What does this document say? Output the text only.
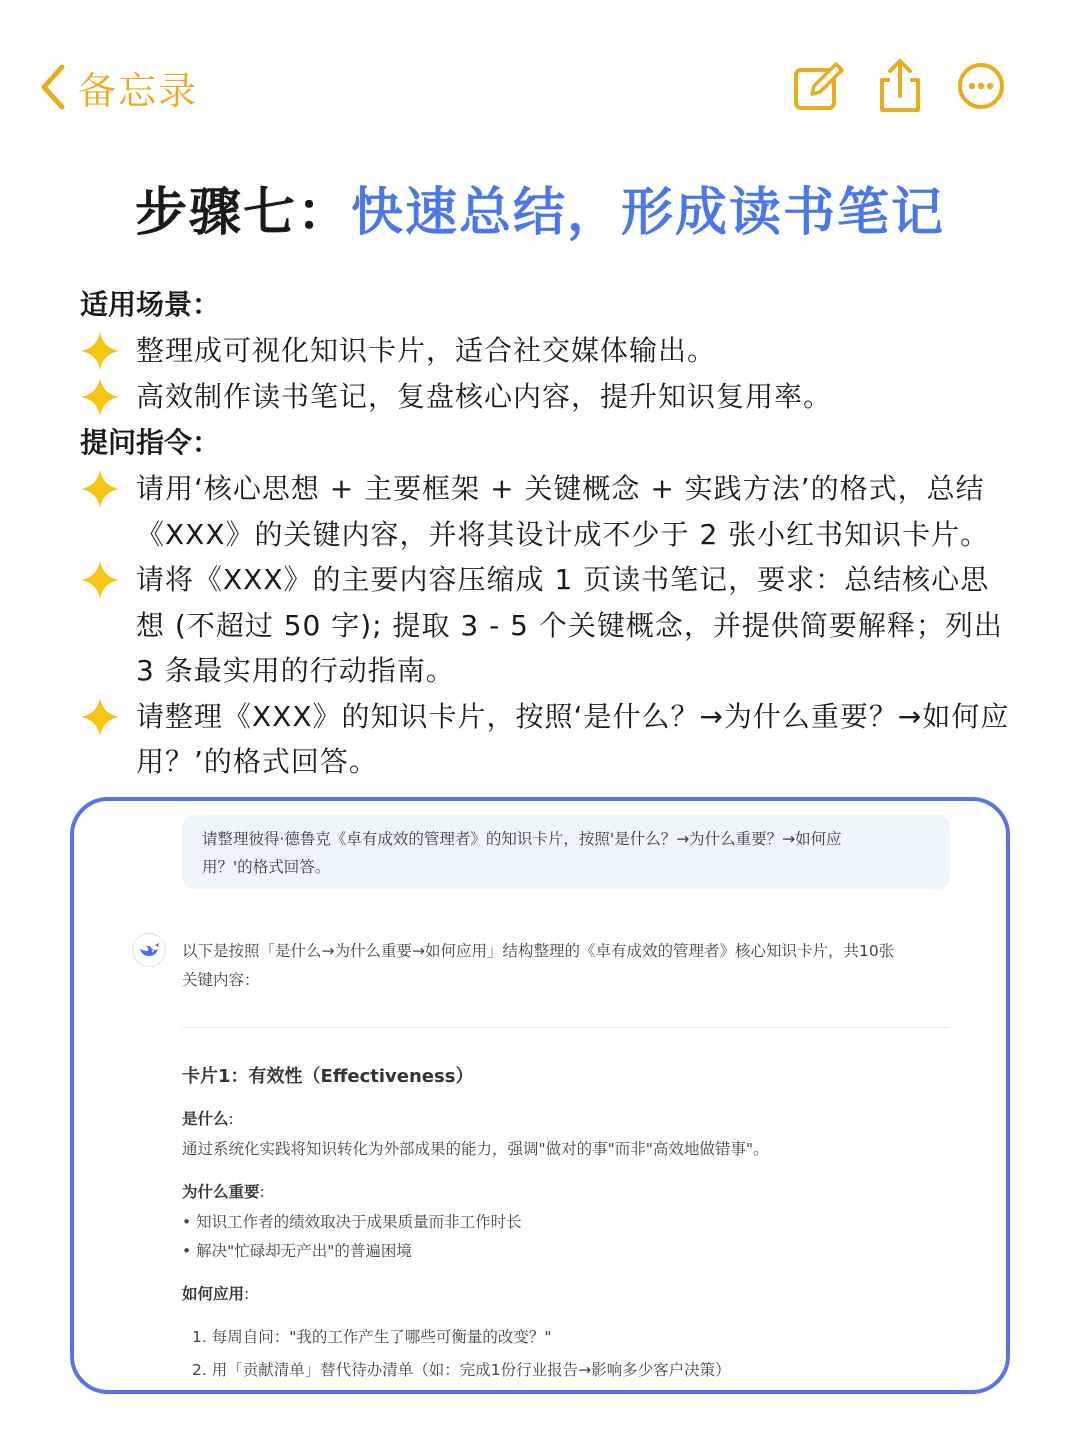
备忘录
步骤七：快速总结，形成读书笔记
适用场景：
整理成可视化知识卡片，适合社交媒体输出。
高效制作读书笔记，复盘核心内容，提升知识复用率。
提问指令：
请用‘核心思想 + 主要框架 + 关键概念 + 实践方法’的格式，总结《XXX》的关键内容，并将其设计成不少于 2 张小红书知识卡片。
请将《XXX》的主要内容压缩成 1 页读书笔记，要求：总结核心思想 (不超过 50 字); 提取 3 - 5 个关键概念，并提供简要解释；列出 3 条最实用的行动指南。
请整理《XXX》的知识卡片，按照‘是什么？→为什么重要？→如何应用？’的格式回答。
请整理彼得·德鲁克《卓有成效的管理者》的知识卡片，按照'是什么？→为什么重要？→如何应
用？'的格式回答。
以下是按照「是什么→为什么重要→如何应用」结构整理的《卓有成效的管理者》核心知识卡片，共10张
关键内容：
卡片1：有效性（Effectiveness）
是什么:
通过系统化实践将知识转化为外部成果的能力，强调"做对的事"而非"高效地做错事"。
为什么重要:
• 知识工作者的绩效取决于成果质量而非工作时长
• 解决"忙碌却无产出"的普遍困境
如何应用:
1. 每周自问："我的工作产生了哪些可衡量的改变？"
2. 用「贡献清单」替代待办清单（如：完成1份行业报告→影响多少客户决策）
